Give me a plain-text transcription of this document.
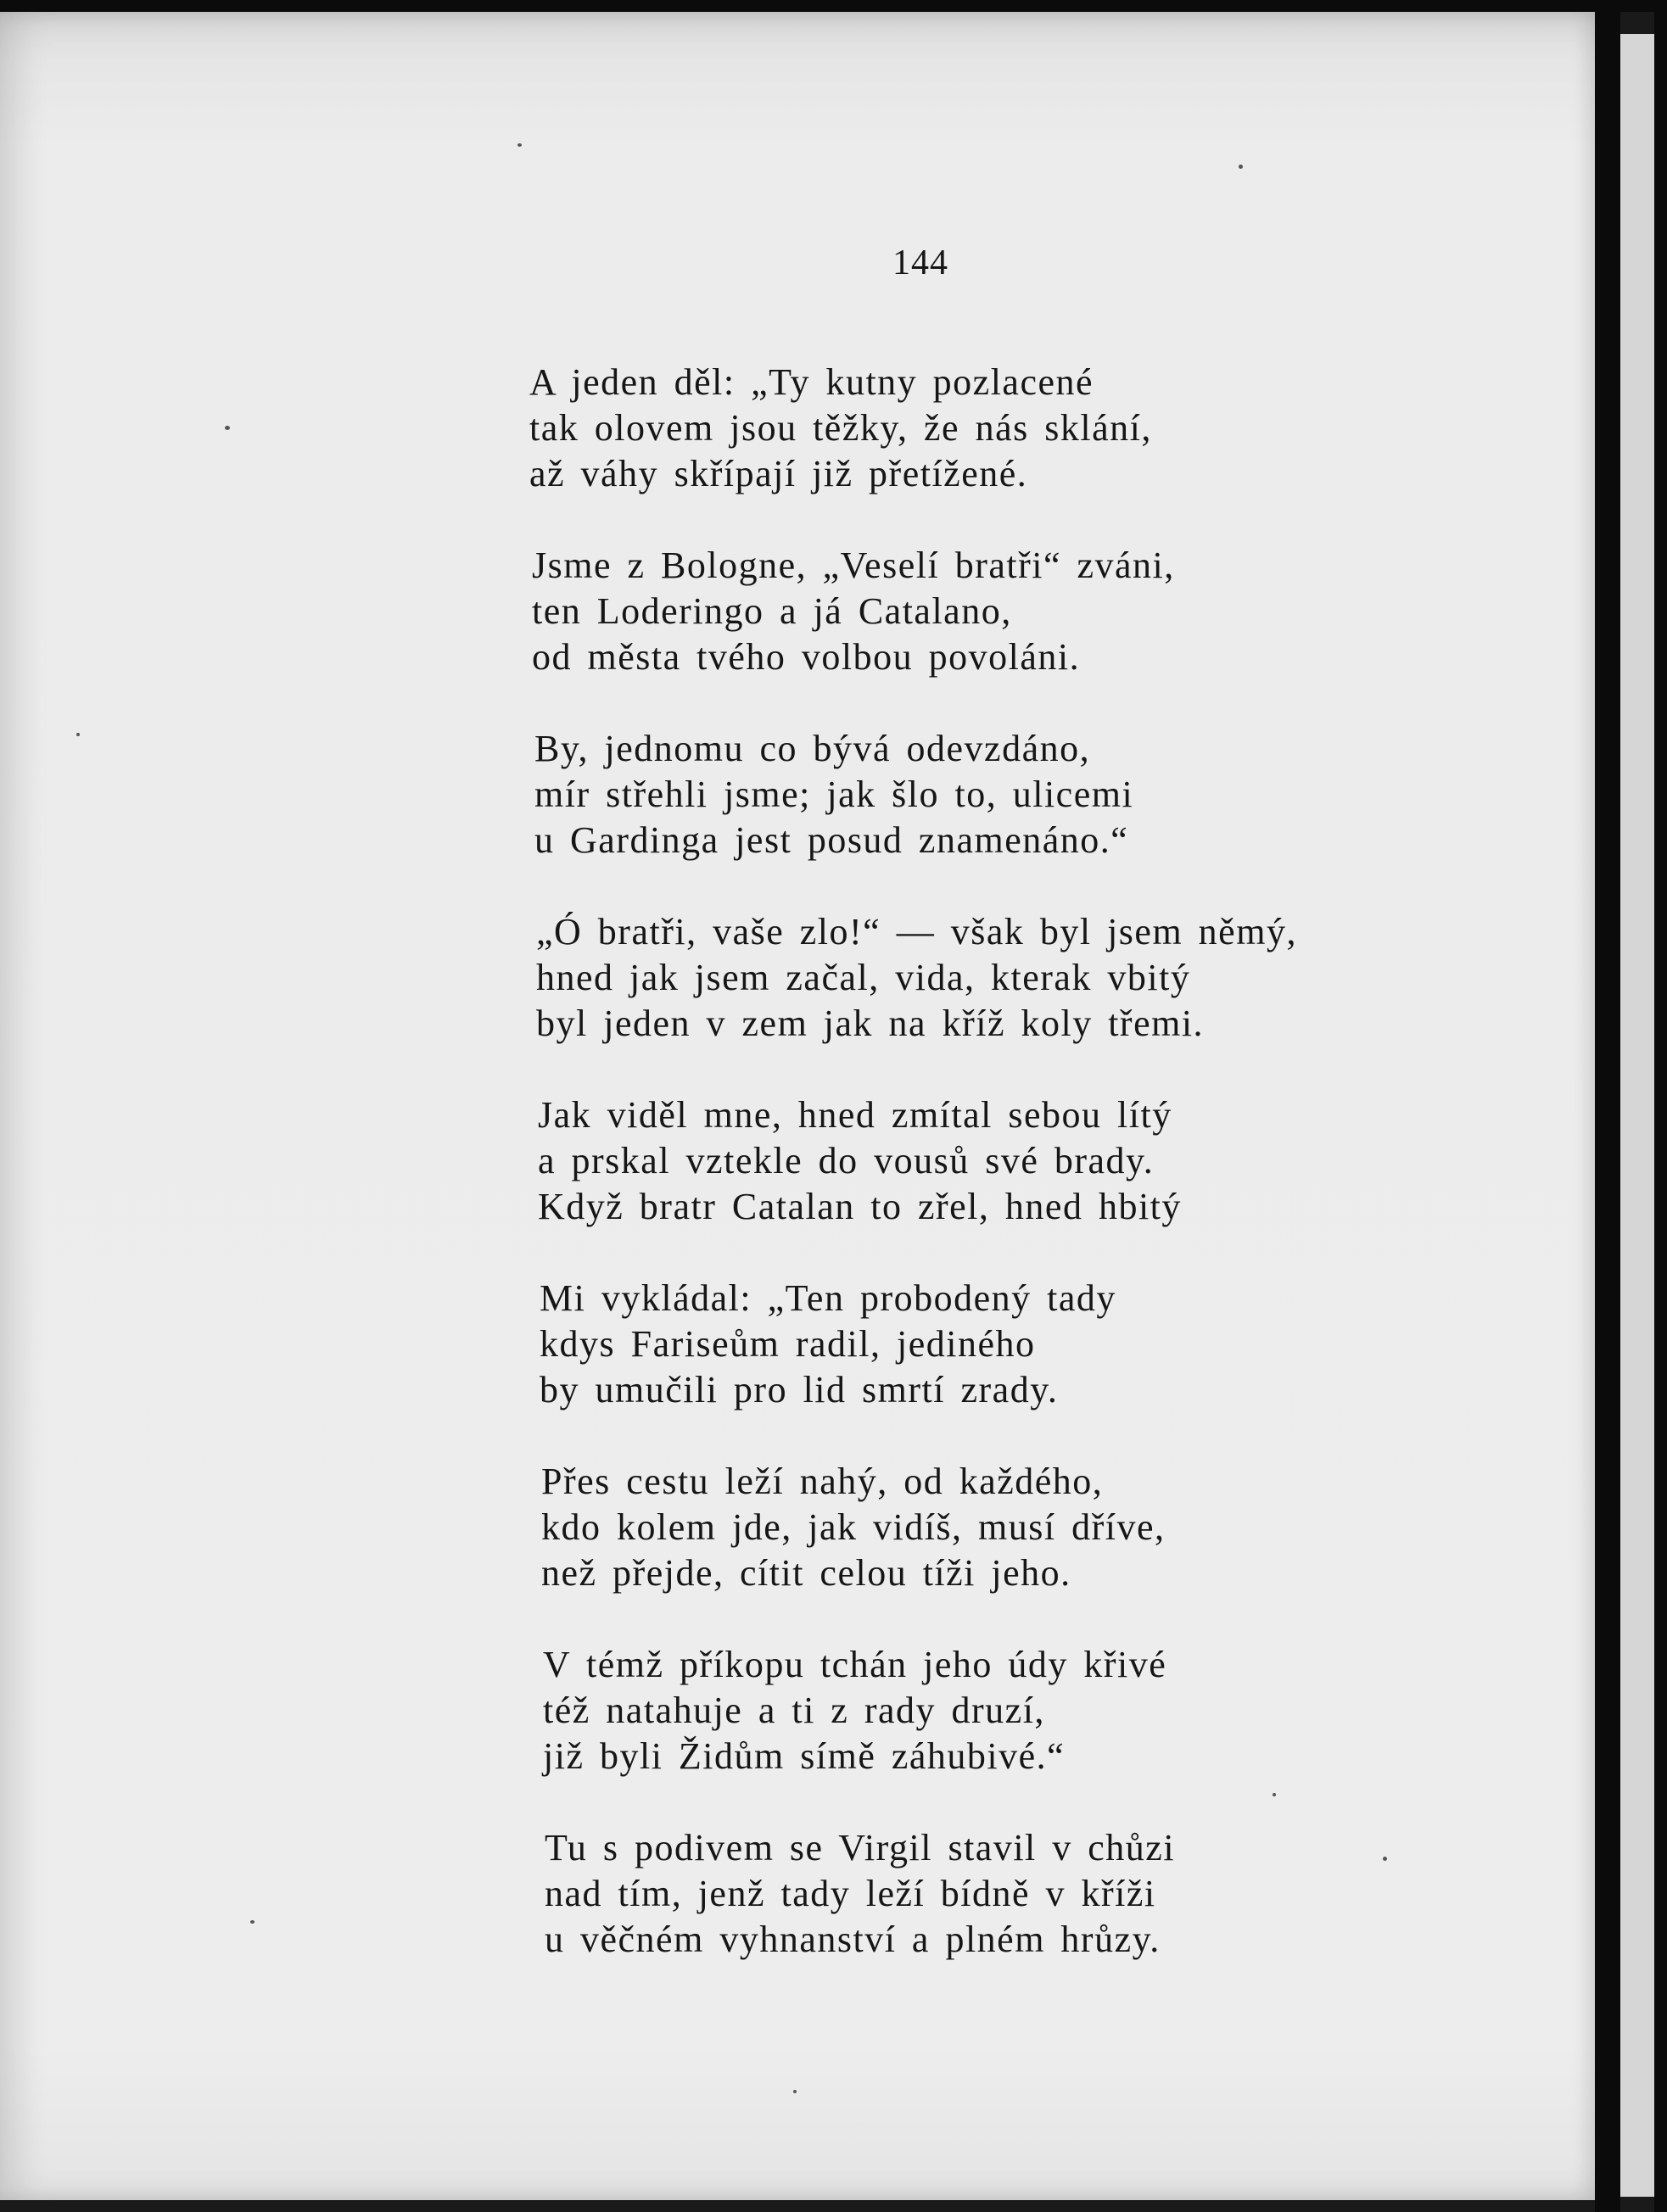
144
A jeden děl: „Ty kutny pozlacené
tak olovem jsou těžky, že nás sklání,
až váhy skřípají již přetížené.
Jsme z Bologne, „Veselí bratři“ zváni,
ten Loderingo a já Catalano,
od města tvého volbou povoláni.
By, jednomu co bývá odevzdáno,
mír střehli jsme; jak šlo to, ulicemi
u Gardinga jest posud znamenáno.“
„Ó bratři, vaše zlo!“ — však byl jsem němý,
hned jak jsem začal, vida, kterak vbitý
byl jeden v zem jak na kříž koly třemi.
Jak viděl mne, hned zmítal sebou lítý
a prskal vztekle do vousů své brady.
Když bratr Catalan to zřel, hned hbitý
Mi vykládal: „Ten probodený tady
kdys Fariseům radil, jediného
by umučili pro lid smrtí zrady.
Přes cestu leží nahý, od každého,
kdo kolem jde, jak vidíš, musí dříve,
než přejde, cítit celou tíži jeho.
V témž příkopu tchán jeho údy křivé
též natahuje a ti z rady druzí,
již byli Židům símě záhubivé.“
Tu s podivem se Virgil stavil v chůzi
nad tím, jenž tady leží bídně v kříži
u věčném vyhnanství a plném hrůzy.
